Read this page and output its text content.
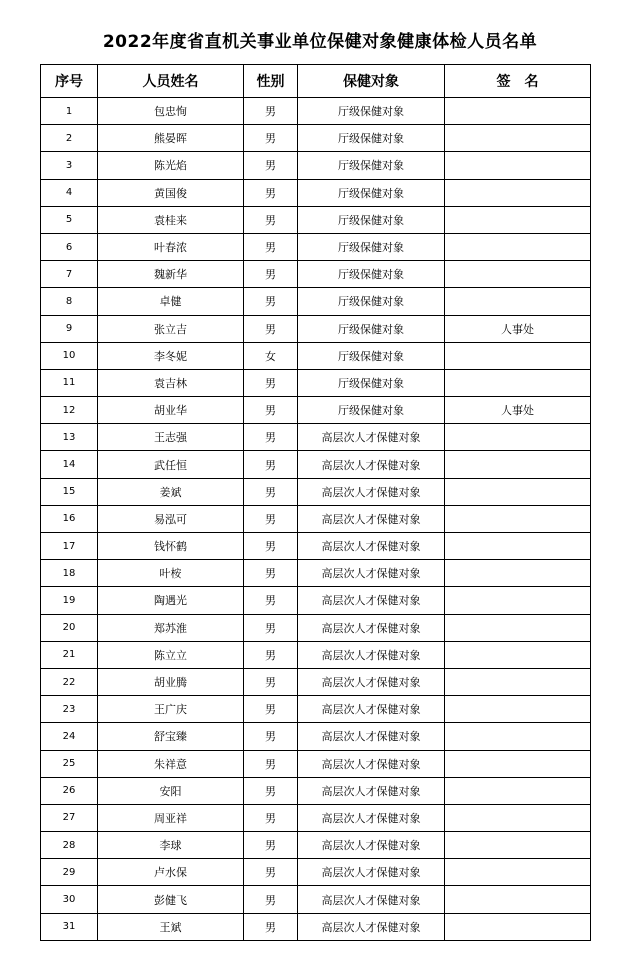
2022年度省直机关事业单位保健对象健康体检人员名单
序号	人员姓名	性别	保健对象	签　名
1	包忠恂	男	厅级保健对象	
2	熊晏晖	男	厅级保健对象	
3	陈光焰	男	厅级保健对象	
4	黄国俊	男	厅级保健对象	
5	袁桂来	男	厅级保健对象	
6	叶春浓	男	厅级保健对象	
7	魏新华	男	厅级保健对象	
8	卓健	男	厅级保健对象	
9	张立吉	男	厅级保健对象	人事处
10	李冬妮	女	厅级保健对象	
11	袁吉林	男	厅级保健对象	
12	胡业华	男	厅级保健对象	人事处
13	王志强	男	高层次人才保健对象	
14	武任恒	男	高层次人才保健对象	
15	姜斌	男	高层次人才保健对象	
16	易泓可	男	高层次人才保健对象	
17	钱怀鹤	男	高层次人才保健对象	
18	叶桉	男	高层次人才保健对象	
19	陶遇光	男	高层次人才保健对象	
20	郑苏淮	男	高层次人才保健对象	
21	陈立立	男	高层次人才保健对象	
22	胡业腾	男	高层次人才保健对象	
23	王广庆	男	高层次人才保健对象	
24	舒宝臻	男	高层次人才保健对象	
25	朱祥意	男	高层次人才保健对象	
26	安阳	男	高层次人才保健对象	
27	周亚祥	男	高层次人才保健对象	
28	李球	男	高层次人才保健对象	
29	卢水保	男	高层次人才保健对象	
30	彭健飞	男	高层次人才保健对象	
31	王斌	男	高层次人才保健对象	
